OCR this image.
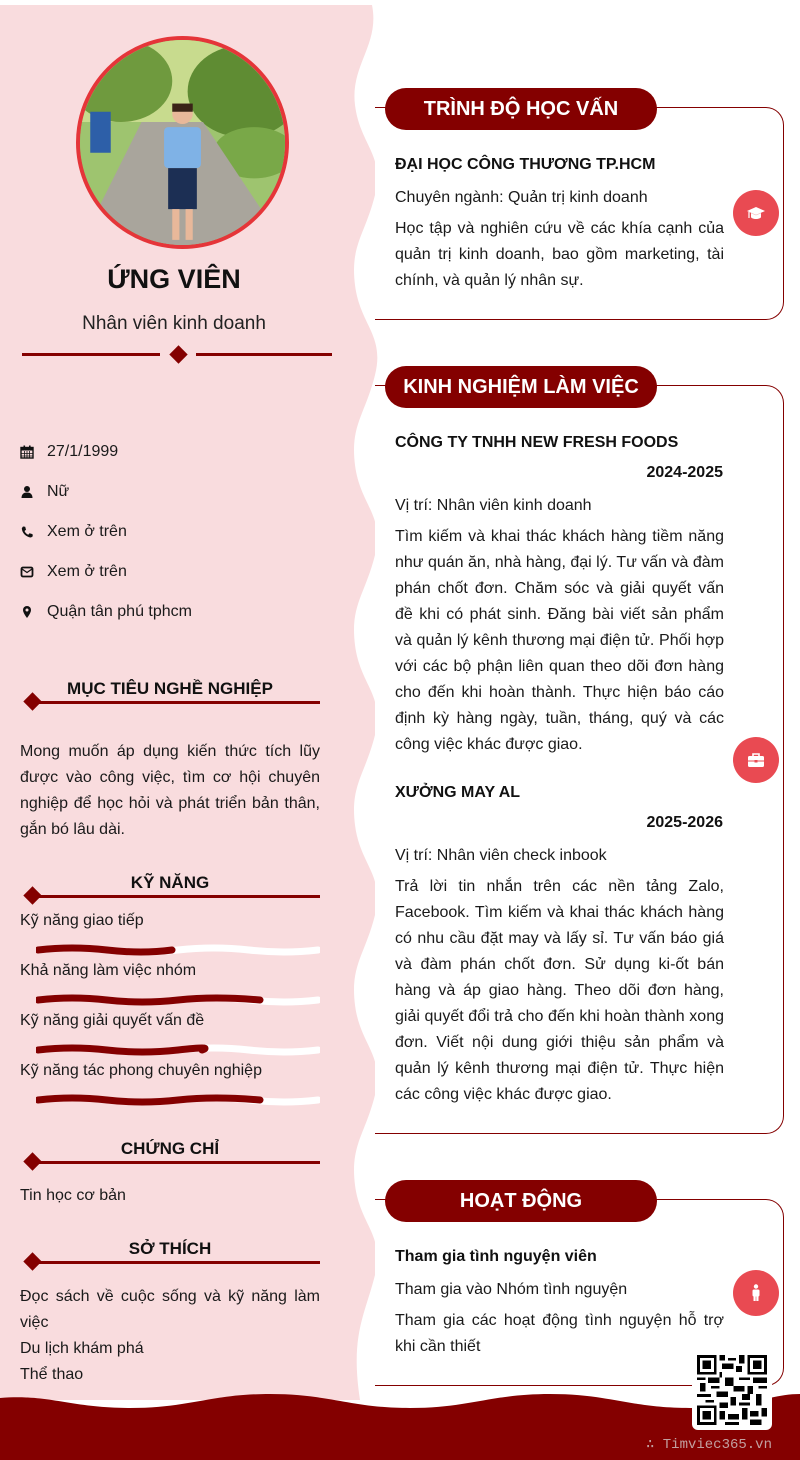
ỨNG VIÊN
Nhân viên kinh doanh
27/1/1999
Nữ
Xem ở trên
Xem ở trên
Quận tân phú tphcm
MỤC TIÊU NGHỀ NGHIỆP
Mong muốn áp dụng kiến thức tích lũy được vào công việc, tìm cơ hội chuyên nghiệp để học hỏi và phát triển bản thân, gắn bó lâu dài.
KỸ NĂNG
Kỹ năng giao tiếp
Khả năng làm việc nhóm
Kỹ năng giải quyết vấn đề
Kỹ năng tác phong chuyên nghiệp
CHỨNG CHỈ
Tin học cơ bản
SỞ THÍCH
Đọc sách về cuộc sống và kỹ năng làm việc
Du lịch khám phá
Thể thao
TRÌNH ĐỘ HỌC VẤN
ĐẠI HỌC CÔNG THƯƠNG TP.HCM
Chuyên ngành: Quản trị kinh doanh
Học tập và nghiên cứu về các khía cạnh của quản trị kinh doanh, bao gồm marketing, tài chính, và quản lý nhân sự.
KINH NGHIỆM LÀM VIỆC
CÔNG TY TNHH NEW FRESH FOODS
2024-2025
Vị trí: Nhân viên kinh doanh
Tìm kiếm và khai thác khách hàng tiềm năng như quán ăn, nhà hàng, đại lý. Tư vấn và đàm phán chốt đơn. Chăm sóc và giải quyết vấn đề khi có phát sinh. Đăng bài viết sản phẩm và quản lý kênh thương mại điện tử. Phối hợp với các bộ phận liên quan theo dõi đơn hàng cho đến khi hoàn thành. Thực hiện báo cáo định kỳ hàng ngày, tuần, tháng, quý và các công việc khác được giao.
XƯỞNG MAY AL
2025-2026
Vị trí: Nhân viên check inbook
Trả lời tin nhắn trên các nền tảng Zalo, Facebook. Tìm kiếm và khai thác khách hàng có nhu cầu đặt may và lấy sỉ. Tư vấn báo giá và đàm phán chốt đơn. Sử dụng ki-ốt bán hàng và áp giao hàng. Theo dõi đơn hàng, giải quyết đổi trả cho đến khi hoàn thành xong đơn. Viết nội dung giới thiệu sản phẩm và quản lý kênh thương mại điện tử. Thực hiện các công việc khác được giao.
HOẠT ĐỘNG
Tham gia tình nguyện viên
Tham gia vào Nhóm tình nguyện
Tham gia các hoạt động tình nguyện hỗ trợ khi cần thiết
∴ Timviec365.vn
